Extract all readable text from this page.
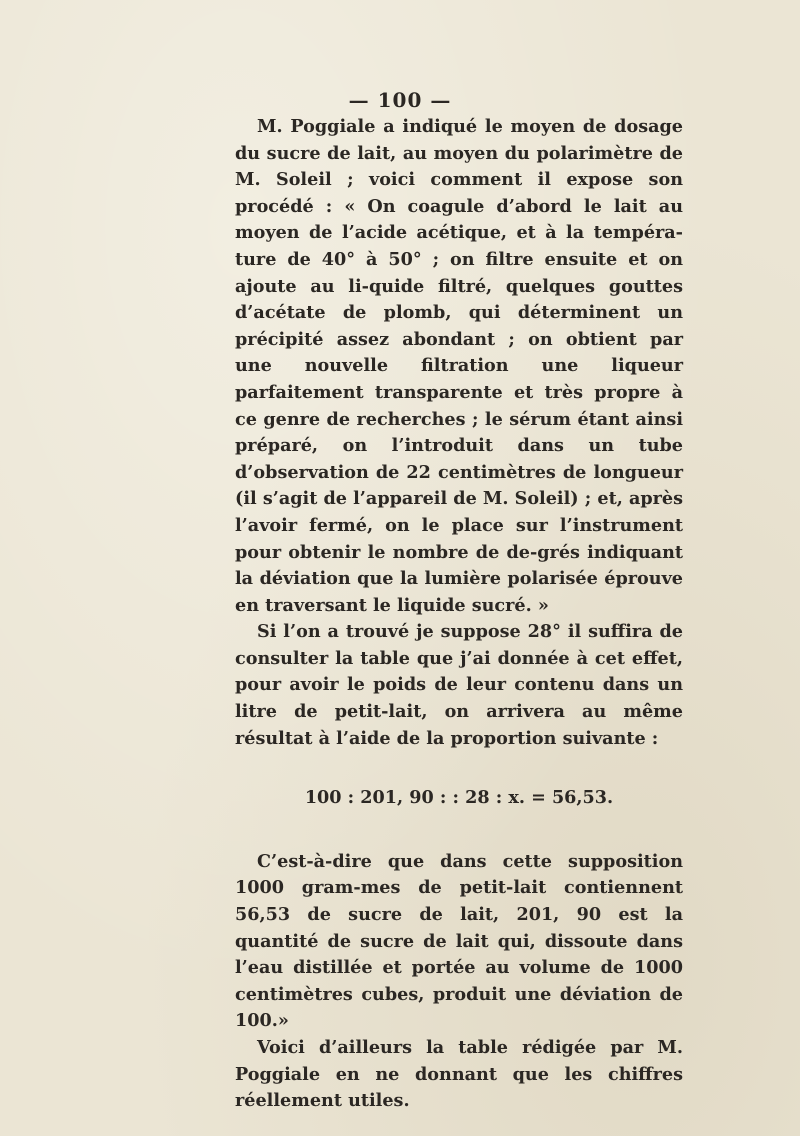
— 100 —

M. Poggiale a indiqué le moyen de dosage du sucre de lait, au moyen du polarimètre de M. Soleil ; voici comment il expose son procédé : « On coagule d’abord le lait au moyen de l’acide acétique, et à la tempéra-ture de 40° à 50° ; on filtre ensuite et on ajoute au li-quide filtré, quelques gouttes d’acétate de plomb, qui déterminent un précipité assez abondant ; on obtient par une nouvelle filtration une liqueur parfaitement transparente et très propre à ce genre de recherches ; le sérum étant ainsi préparé, on l’introduit dans un tube d’observation de 22 centimètres de longueur (il s’agit de l’appareil de M. Soleil) ; et, après l’avoir fermé, on le place sur l’instrument pour obtenir le nombre de de-grés indiquant la déviation que la lumière polarisée éprouve en traversant le liquide sucré. »

Si l’on a trouvé je suppose 28° il suffira de consulter la table que j’ai donnée à cet effet, pour avoir le poids de leur contenu dans un litre de petit-lait, on arrivera au même résultat à l’aide de la proportion suivante :

100 : 201, 90 : : 28 : x. = 56,53.

C’est-à-dire que dans cette supposition 1000 gram-mes de petit-lait contiennent 56,53 de sucre de lait, 201, 90 est la quantité de sucre de lait qui, dissoute dans l’eau distillée et portée au volume de 1000 centimètres cubes, produit une déviation de 100.»

Voici d’ailleurs la table rédigée par M. Poggiale en ne donnant que les chiffres réellement utiles.
